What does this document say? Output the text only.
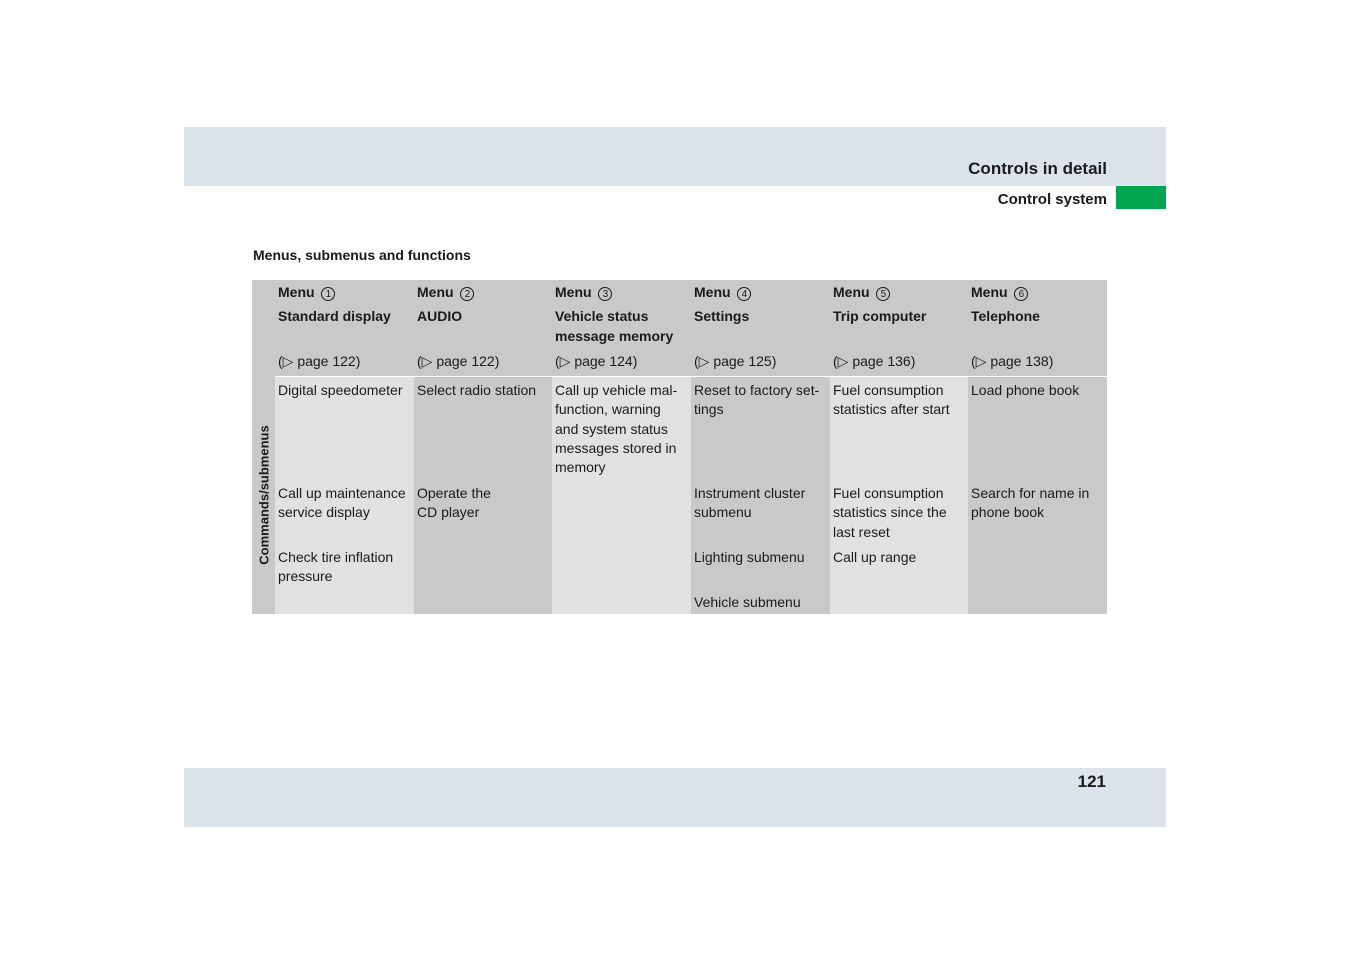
Controls in detail
Control system
Menus, submenus and functions
Commands/submenus
Menu 1
Standard display
(▷ page 122)
Digital speedometer
Call up maintenance
service display
Check tire inflation
pressure
Menu 2
AUDIO
(▷ page 122)
Select radio station
Operate the
CD player
Menu 3
Vehicle status
message memory
(▷ page 124)
Call up vehicle mal-
function, warning
and system status
messages stored in
memory
Menu 4
Settings
(▷ page 125)
Reset to factory set-
tings
Instrument cluster
submenu
Lighting submenu
Vehicle submenu
Menu 5
Trip computer
(▷ page 136)
Fuel consumption
statistics after start
Fuel consumption
statistics since the
last reset
Call up range
Menu 6
Telephone
(▷ page 138)
Load phone book
Search for name in
phone book
121
